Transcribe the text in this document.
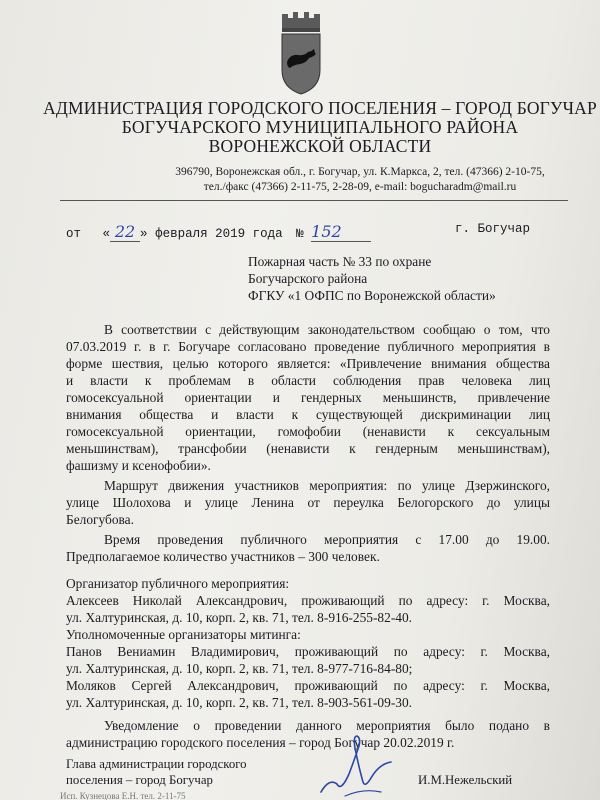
АДМИНИСТРАЦИЯ ГОРОДСКОГО ПОСЕЛЕНИЯ – ГОРОД БОГУЧАР
БОГУЧАРСКОГО МУНИЦИПАЛЬНОГО РАЙОНА
ВОРОНЕЖСКОЙ ОБЛАСТИ
396790, Воронежская обл., г. Богучар, ул. К.Маркса, 2, тел. (47366) 2-10-75,
тел./факс (47366) 2-11-75, 2-28-09, e-mail: bogucharadm@mail.ru
от « 22 » февраля 2019 года № 152	г. Богучар
Пожарная часть № 33 по охране
Богучарского района
ФГКУ «1 ОФПС по Воронежской области»
В соответствии с действующим законодательством сообщаю о том, что
07.03.2019 г. в г. Богучаре согласовано проведение публичного мероприятия в
форме шествия, целью которого является: «Привлечение внимания общества
и власти к проблемам в области соблюдения прав человека лиц
гомосексуальной ориентации и гендерных меньшинств, привлечение
внимания общества и власти к существующей дискриминации лиц
гомосексуальной ориентации, гомофобии (ненависти к сексуальным
меньшинствам), трансфобии (ненависти к гендерным меньшинствам),
фашизму и ксенофобии».
Маршрут движения участников мероприятия: по улице Дзержинского,
улице Шолохова и улице Ленина от переулка Белогорского до улицы
Белогубова.
Время проведения публичного мероприятия с 17.00 до 19.00.
Предполагаемое количество участников – 300 человек.
Организатор публичного мероприятия:
Алексеев Николай Александрович, проживающий по адресу: г. Москва,
ул. Халтуринская, д. 10, корп. 2, кв. 71, тел. 8-916-255-82-40.
Уполномоченные организаторы митинга:
Панов Вениамин Владимирович, проживающий по адресу: г. Москва,
ул. Халтуринская, д. 10, корп. 2, кв. 71, тел. 8-977-716-84-80;
Моляков Сергей Александрович, проживающий по адресу: г. Москва,
ул. Халтуринская, д. 10, корп. 2, кв. 71, тел. 8-903-561-09-30.
Уведомление о проведении данного мероприятия было подано в
администрацию городского поселения – город Богучар 20.02.2019 г.
Глава администрации городского
поселения – город Богучар	И.М.Нежельский
Исп. Кузнецова Е.Н. тел. 2-11-75
